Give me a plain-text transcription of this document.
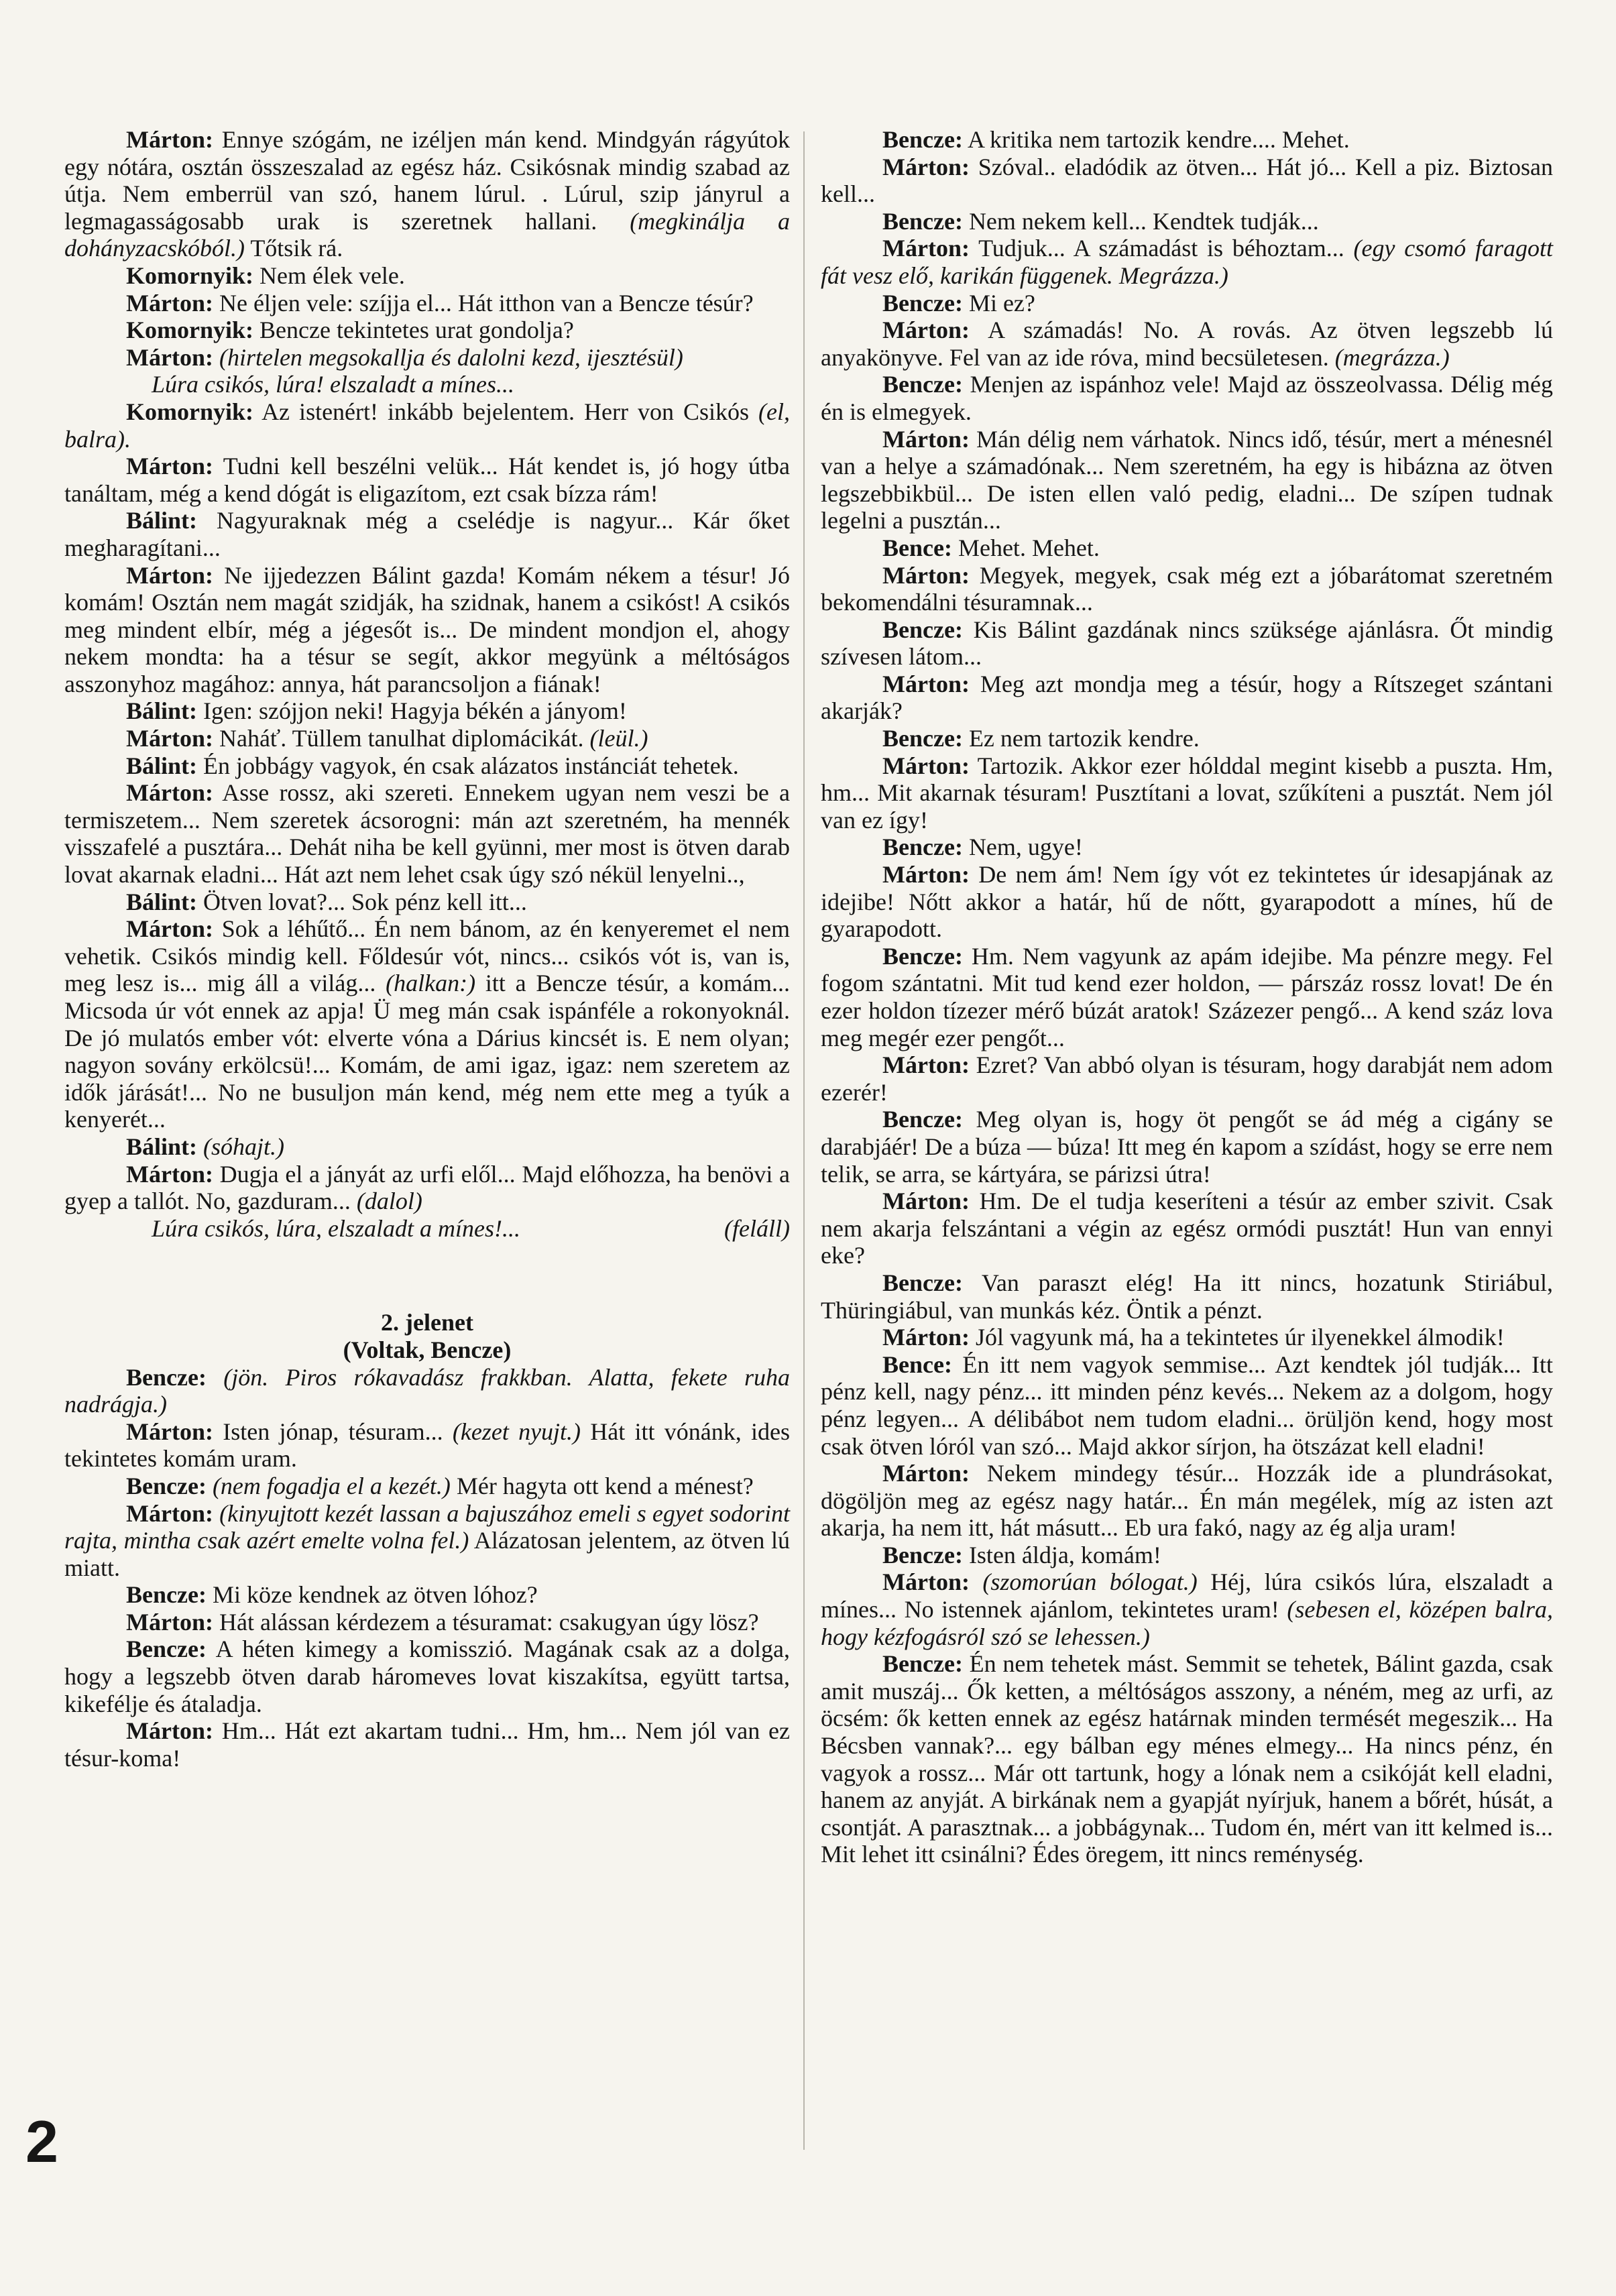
Márton: Ennye szógám, ne izéljen mán kend. Mindgyán rágyútok egy nótára, osztán összeszalad az egész ház. Csikósnak mindig szabad az útja. Nem emberrül van szó, hanem lúrul. . Lúrul, szip jányrul a legmagasságosabb urak is szeretnek hallani. (megkinálja a dohányzacskóból.) Tőtsik rá.

Komornyik: Nem élek vele.

Márton: Ne éljen vele: szíjja el... Hát itthon van a Bencze tésúr?

Komornyik: Bencze tekintetes urat gondolja?

Márton: (hirtelen megsokallja és dalolni kezd, ijesztésül)

Lúra csikós, lúra! elszaladt a mínes...

Komornyik: Az istenért! inkább bejelentem. Herr von Csikós (el, balra).

Márton: Tudni kell beszélni velük... Hát kendet is, jó hogy útba tanáltam, még a kend dógát is eligazítom, ezt csak bízza rám!

Bálint: Nagyuraknak még a cselédje is nagyur... Kár őket megharagítani...

Márton: Ne ijjedezzen Bálint gazda! Komám nékem a tésur! Jó komám! Osztán nem magát szidják, ha szidnak, hanem a csikóst! A csikós meg mindent elbír, még a jégesőt is... De mindent mondjon el, ahogy nekem mondta: ha a tésur se segít, akkor megyünk a méltóságos asszonyhoz magához: annya, hát parancsoljon a fiának!

Bálint: Igen: szójjon neki! Hagyja békén a jányom!

Márton: Naháť. Tüllem tanulhat diplomácikát. (leül.)

Bálint: Én jobbágy vagyok, én csak alázatos instánciát tehetek.

Márton: Asse rossz, aki szereti. Ennekem ugyan nem veszi be a termiszetem... Nem szeretek ácsorogni: mán azt szeretném, ha mennék visszafelé a pusztára... Dehát niha be kell gyünni, mer most is ötven darab lovat akarnak eladni... Hát azt nem lehet csak úgy szó nékül lenyelni..,

Bálint: Ötven lovat?... Sok pénz kell itt...

Márton: Sok a léhűtő... Én nem bánom, az én kenyeremet el nem vehetik. Csikós mindig kell. Főldesúr vót, nincs... csikós vót is, van is, meg lesz is... mig áll a világ... (halkan:) itt a Bencze tésúr, a komám... Micsoda úr vót ennek az apja! Ü meg mán csak ispánféle a rokonyoknál. De jó mulatós ember vót: elverte vóna a Dárius kincsét is. E nem olyan; nagyon sovány erkölcsü!... Komám, de ami igaz, igaz: nem szeretem az idők járását!... No ne busuljon mán kend, még nem ette meg a tyúk a kenyerét...

Bálint: (sóhajt.)

Márton: Dugja el a jányát az urfi elől... Majd előhozza, ha benövi a gyep a tallót. No, gazduram... (dalol)

Lúra csikós, lúra, elszaladt a mínes!...	(feláll)

2. jelenet

(Voltak, Bencze)

Bencze: (jön. Piros rókavadász frakkban. Alatta, fekete ruha nadrágja.)

Márton: Isten jónap, tésuram... (kezet nyujt.) Hát itt vónánk, ides tekintetes komám uram.

Bencze: (nem fogadja el a kezét.) Mér hagyta ott kend a ménest?

Márton: (kinyujtott kezét lassan a bajuszához emeli s egyet sodorint rajta, mintha csak azért emelte volna fel.) Alázatosan jelentem, az ötven lú miatt.

Bencze: Mi köze kendnek az ötven lóhoz?

Márton: Hát alássan kérdezem a tésuramat: csakugyan úgy lösz?

Bencze: A héten kimegy a komisszió. Magának csak az a dolga, hogy a legszebb ötven darab háromeves lovat kiszakítsa, együtt tartsa, kikefélje és átaladja.

Márton: Hm... Hát ezt akartam tudni... Hm, hm... Nem jól van ez tésur-koma!

Bencze: A kritika nem tartozik kendre.... Mehet.

Márton: Szóval.. eladódik az ötven... Hát jó... Kell a piz. Biztosan kell...

Bencze: Nem nekem kell... Kendtek tudják...

Márton: Tudjuk... A számadást is béhoztam... (egy csomó faragott fát vesz elő, karikán függenek. Megrázza.)

Bencze: Mi ez?

Márton: A számadás! No. A rovás. Az ötven legszebb lú anyakönyve. Fel van az ide róva, mind becsületesen. (megrázza.)

Bencze: Menjen az ispánhoz vele! Majd az összeolvassa. Délig még én is elmegyek.

Márton: Mán délig nem várhatok. Nincs idő, tésúr, mert a ménesnél van a helye a számadónak... Nem szeretném, ha egy is hibázna az ötven legszebbikbül... De isten ellen való pedig, eladni... De szípen tudnak legelni a pusztán...

Bence: Mehet. Mehet.

Márton: Megyek, megyek, csak még ezt a jóbarátomat szeretném bekomendálni tésuramnak...

Bencze: Kis Bálint gazdának nincs szüksége ajánlásra. Őt mindig szívesen látom...

Márton: Meg azt mondja meg a tésúr, hogy a Rítszeget szántani akarják?

Bencze: Ez nem tartozik kendre.

Márton: Tartozik. Akkor ezer hólddal megint kisebb a puszta. Hm, hm... Mit akarnak tésuram! Pusztítani a lovat, szűkíteni a pusztát. Nem jól van ez így!

Bencze: Nem, ugye!

Márton: De nem ám! Nem így vót ez tekintetes úr idesapjának az idejibe! Nőtt akkor a határ, hű de nőtt, gyarapodott a mínes, hű de gyarapodott.

Bencze: Hm. Nem vagyunk az apám idejibe. Ma pénzre megy. Fel fogom szántatni. Mit tud kend ezer holdon, — párszáz rossz lovat! De én ezer holdon tízezer mérő búzát aratok! Százezer pengő... A kend száz lova meg megér ezer pengőt...

Márton: Ezret? Van abbó olyan is tésuram, hogy darabját nem adom ezerér!

Bencze: Meg olyan is, hogy öt pengőt se ád még a cigány se darabjáér! De a búza — búza! Itt meg én kapom a szídást, hogy se erre nem telik, se arra, se kártyára, se párizsi útra!

Márton: Hm. De el tudja keseríteni a tésúr az ember szivit. Csak nem akarja felszántani a végin az egész ormódi pusztát! Hun van ennyi eke?

Bencze: Van paraszt elég! Ha itt nincs, hozatunk Stiriábul, Thüringiábul, van munkás kéz. Öntik a pénzt.

Márton: Jól vagyunk má, ha a tekintetes úr ilyenekkel álmodik!

Bence: Én itt nem vagyok semmise... Azt kendtek jól tudják... Itt pénz kell, nagy pénz... itt minden pénz kevés... Nekem az a dolgom, hogy pénz legyen... A délibábot nem tudom eladni... örüljön kend, hogy most csak ötven lóról van szó... Majd akkor sírjon, ha ötszázat kell eladni!

Márton: Nekem mindegy tésúr... Hozzák ide a plundrásokat, dögöljön meg az egész nagy határ... Én mán megélek, míg az isten azt akarja, ha nem itt, hát másutt... Eb ura fakó, nagy az ég alja uram!

Bencze: Isten áldja, komám!

Márton: (szomorúan bólogat.) Héj, lúra csikós lúra, elszaladt a mínes... No istennek ajánlom, tekintetes uram! (sebesen el, középen balra, hogy kézfogásról szó se lehessen.)

Bencze: Én nem tehetek mást. Semmit se tehetek, Bálint gazda, csak amit muszáj... Ők ketten, a méltóságos asszony, a néném, meg az urfi, az öcsém: ők ketten ennek az egész határnak minden termését megeszik... Ha Bécsben vannak?... egy bálban egy ménes elmegy... Ha nincs pénz, én vagyok a rossz... Már ott tartunk, hogy a lónak nem a csikóját kell eladni, hanem az anyját. A birkának nem a gyapját nyírjuk, hanem a bőrét, húsát, a csontját. A parasztnak... a jobbágynak... Tudom én, mért van itt kelmed is... Mit lehet itt csinálni? Édes öregem, itt nincs reménység.

2
